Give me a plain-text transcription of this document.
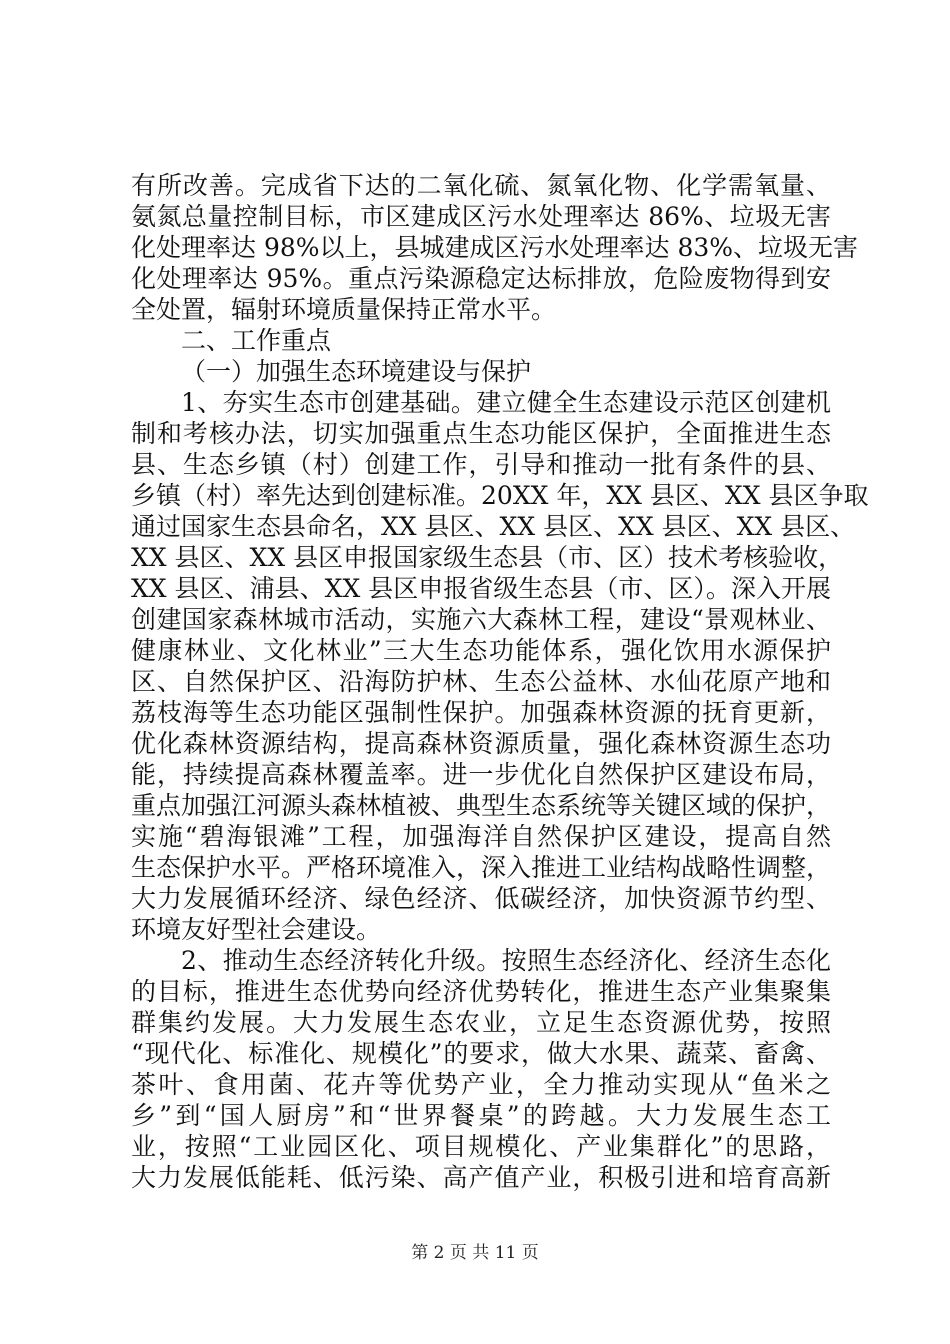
有所改善。完成省下达的二氧化硫、氮氧化物、化学需氧量、
氨氮总量控制目标，市区建成区污水处理率达 86%、垃圾无害
化处理率达 98%以上，县城建成区污水处理率达 83%、垃圾无害
化处理率达 95%。重点污染源稳定达标排放，危险废物得到安
全处置，辐射环境质量保持正常水平。
二、工作重点
（一）加强生态环境建设与保护
1、夯实生态市创建基础。建立健全生态建设示范区创建机
制和考核办法，切实加强重点生态功能区保护，全面推进生态
县、生态乡镇（村）创建工作，引导和推动一批有条件的县、
乡镇（村）率先达到创建标准。20XX 年，XX 县区、XX 县区争取
通过国家生态县命名，XX 县区、XX 县区、XX 县区、XX 县区、
XX 县区、XX 县区申报国家级生态县（市、区）技术考核验收，
XX 县区、浦县、XX 县区申报省级生态县（市、区）。深入开展
创建国家森林城市活动，实施六大森林工程，建设“景观林业、
健康林业、文化林业”三大生态功能体系，强化饮用水源保护
区、自然保护区、沿海防护林、生态公益林、水仙花原产地和
荔枝海等生态功能区强制性保护。加强森林资源的抚育更新，
优化森林资源结构，提高森林资源质量，强化森林资源生态功
能，持续提高森林覆盖率。进一步优化自然保护区建设布局，
重点加强江河源头森林植被、典型生态系统等关键区域的保护，
实施“碧海银滩”工程，加强海洋自然保护区建设，提高自然
生态保护水平。严格环境准入，深入推进工业结构战略性调整，
大力发展循环经济、绿色经济、低碳经济，加快资源节约型、
环境友好型社会建设。
2、推动生态经济转化升级。按照生态经济化、经济生态化
的目标，推进生态优势向经济优势转化，推进生态产业集聚集
群集约发展。大力发展生态农业，立足生态资源优势，按照
“现代化、标准化、规模化”的要求，做大水果、蔬菜、畜禽、
茶叶、食用菌、花卉等优势产业，全力推动实现从“鱼米之
乡”到“国人厨房”和“世界餐桌”的跨越。大力发展生态工
业，按照“工业园区化、项目规模化、产业集群化”的思路，
大力发展低能耗、低污染、高产值产业，积极引进和培育高新
第 2 页 共 11 页
